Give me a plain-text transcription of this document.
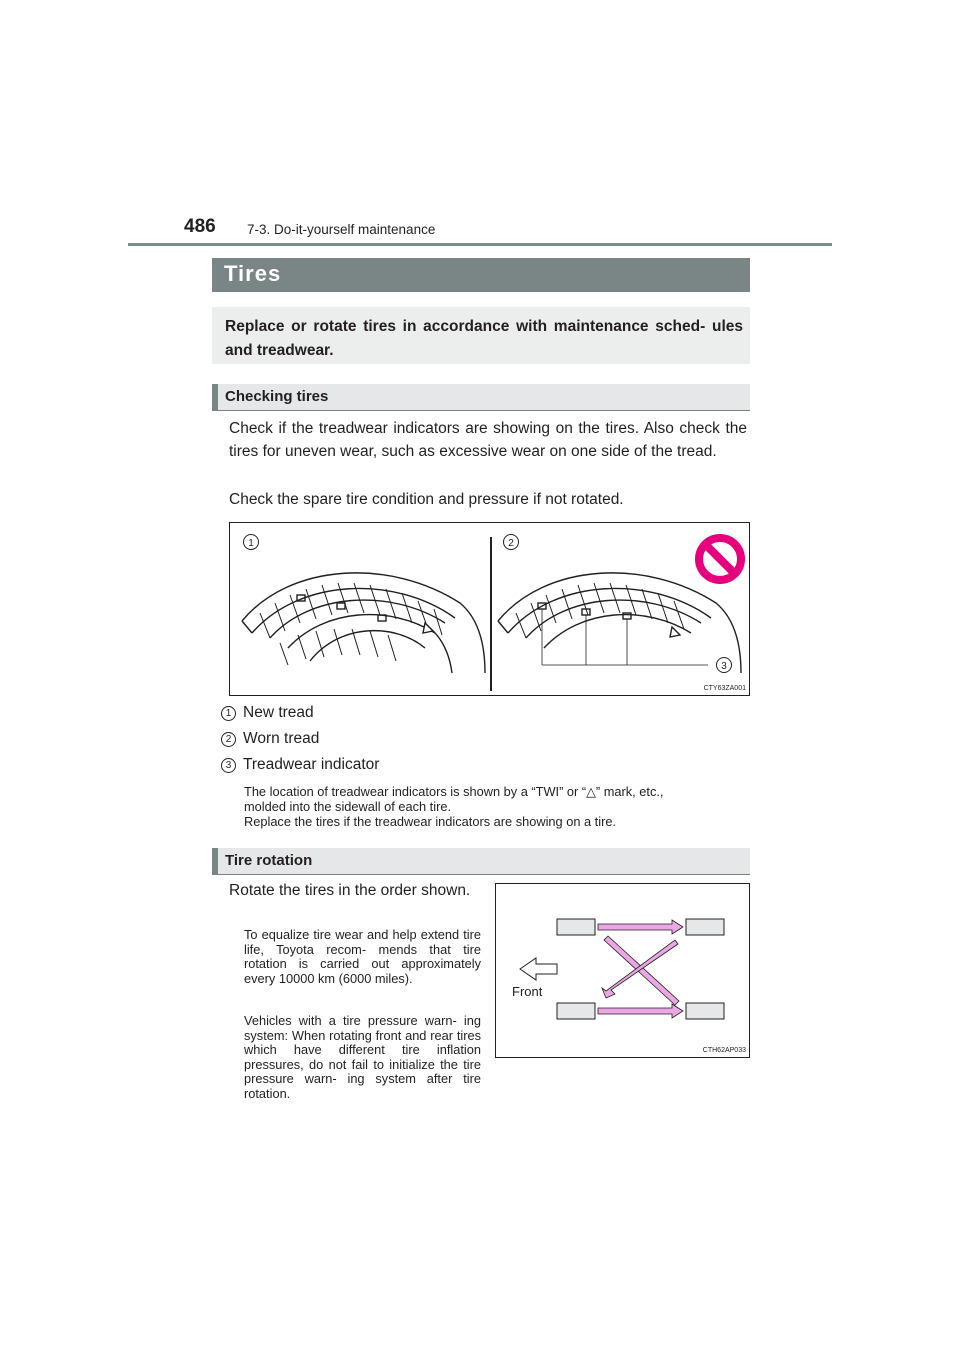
486 7-3. Do-it-yourself maintenance
Tires
Replace or rotate tires in accordance with maintenance sched- ules and treadwear.
Checking tires
Check if the treadwear indicators are showing on the tires. Also check the tires for uneven wear, such as excessive wear on one side of the tread.
Check the spare tire condition and pressure if not rotated.
1	2
3
CTY63ZA001
1 New tread
2 Worn tread
3 Treadwear indicator
The location of treadwear indicators is shown by a “TWI” or “△” mark, etc.,
molded into the sidewall of each tire.
Replace the tires if the treadwear indicators are showing on a tire.
Tire rotation
Rotate the tires in the order shown.
To equalize tire wear and help extend tire life, Toyota recom- mends that tire rotation is carried out approximately every 10000 km (6000 miles).
Vehicles with a tire pressure warn- ing system: When rotating front and rear tires which have different tire inflation pressures, do not fail to initialize the tire pressure warn- ing system after tire rotation.
Front
CTH62AP033
